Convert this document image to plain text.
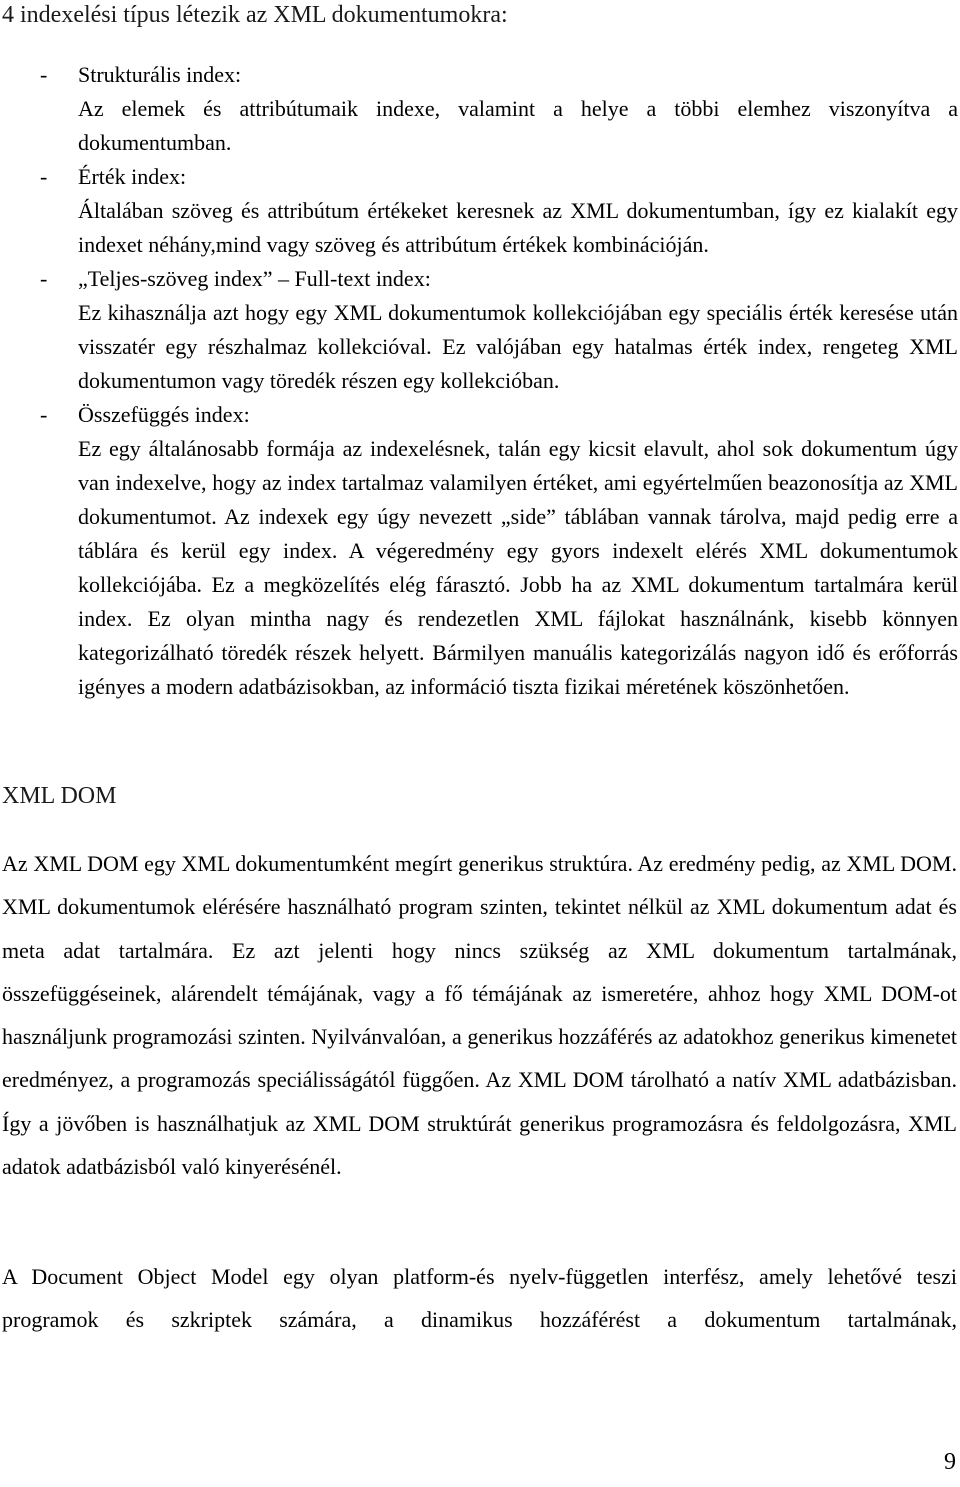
4 indexelési típus létezik az XML dokumentumokra:
- Strukturális index:

Az elemek és attribútumaik indexe, valamint a helye a többi elemhez viszonyítva a dokumentumban.

- Érték index:

Általában szöveg és attribútum értékeket keresnek az XML dokumentumban, így ez kialakít egy indexet néhány,mind vagy szöveg és attribútum értékek kombinációján.

- „Teljes-szöveg index” – Full-text index:

Ez kihasználja azt hogy egy XML dokumentumok kollekciójában egy speciális érték keresése után visszatér egy részhalmaz kollekcióval. Ez valójában egy hatalmas érték index, rengeteg XML dokumentumon vagy töredék részen egy kollekcióban.

- Összefüggés index:

Ez egy általánosabb formája az indexelésnek, talán egy kicsit elavult, ahol sok dokumentum úgy van indexelve, hogy az index tartalmaz valamilyen értéket, ami egyértelműen beazonosítja az XML dokumentumot. Az indexek egy úgy nevezett „side” táblában vannak tárolva, majd pedig erre a táblára és kerül egy index. A végeredmény egy gyors indexelt elérés XML dokumentumok kollekciójába. Ez a megközelítés elég fárasztó. Jobb ha az XML dokumentum tartalmára kerül index. Ez olyan mintha nagy és rendezetlen XML fájlokat használnánk, kisebb könnyen kategorizálható töredék részek helyett. Bármilyen manuális kategorizálás nagyon idő és erőforrás igényes a modern adatbázisokban, az információ tiszta fizikai méretének köszönhetően.

XML DOM

Az XML DOM egy XML dokumentumként megírt generikus struktúra. Az eredmény pedig, az XML DOM. XML dokumentumok elérésére használható program szinten, tekintet nélkül az XML dokumentum adat és meta adat tartalmára. Ez azt jelenti hogy nincs szükség az XML dokumentum tartalmának, összefüggéseinek, alárendelt témájának, vagy a fő témájának az ismeretére, ahhoz hogy XML DOM-ot használjunk programozási szinten. Nyilvánvalóan, a generikus hozzáférés az adatokhoz generikus kimenetet eredményez, a programozás speciálisságától függően. Az XML DOM tárolható a natív XML adatbázisban. Így a jövőben is használhatjuk az XML DOM struktúrát generikus programozásra és feldolgozásra, XML adatok adatbázisból való kinyerésénél.

A Document Object Model egy olyan platform-és nyelv-független interfész, amely lehetővé teszi programok és szkriptek számára, a dinamikus hozzáférést a dokumentum tartalmának,

9
